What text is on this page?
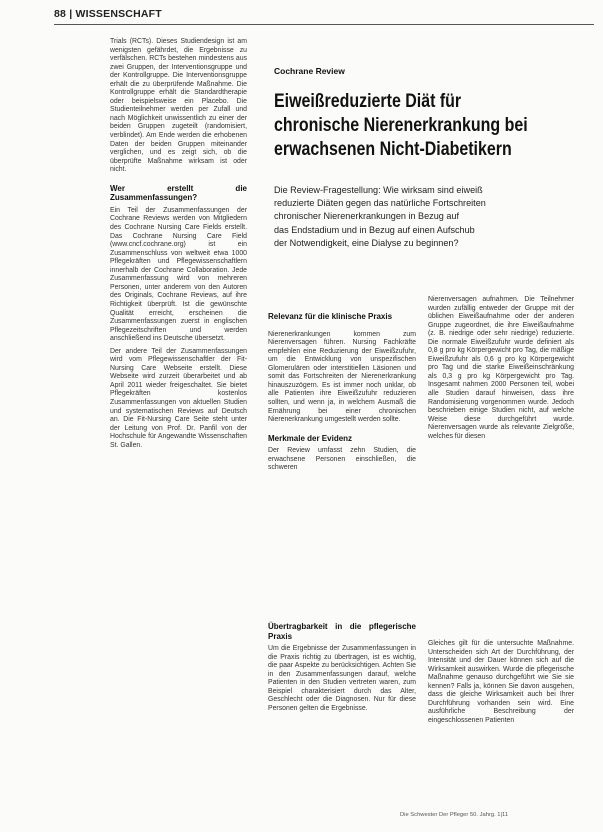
88 | WISSENSCHAFT

Trials (RCTs). Dieses Studiendesign ist am wenigsten gefährdet, die Ergebnisse zu verfälschen. RCTs bestehen mindestens aus zwei Gruppen, der Interventionsgruppe und der Kontrollgruppe. Die Interventionsgruppe erhält die zu überprüfende Maßnahme. Die Kontrollgruppe erhält die Standardtherapie oder beispielsweise ein Placebo. Die Studienteilnehmer werden per Zufall und nach Möglichkeit unwissentlich zu einer der beiden Gruppen zugeteilt (randomisiert, verblindet). Am Ende werden die erhobenen Daten der beiden Gruppen miteinander verglichen, und es zeigt sich, ob die überprüfte Maßnahme wirksam ist oder nicht.

Wer erstellt die Zusammenfassungen?

Ein Teil der Zusammenfassungen der Cochrane Reviews werden von Mitgliedern des Cochrane Nursing Care Fields erstellt. Das Cochrane Nursing Care Field (www.cncf.cochrane.org) ist ein Zusammenschluss von weltweit etwa 1000 Pflegekräften und Pflegewissenschaftlern innerhalb der Cochrane Collaboration. Jede Zusammenfassung wird von mehreren Personen, unter anderem von den Autoren des Originals, Cochrane Reviews, auf ihre Richtigkeit überprüft. Ist die gewünschte Qualität erreicht, erscheinen die Zusammenfassungen zuerst in englischen Pflegezeitschriften und werden anschließend ins Deutsche übersetzt.

Der andere Teil der Zusammenfassungen wird vom Pflegewissenschaftler der Fit-Nursing Care Webseite erstellt. Diese Webseite wird zurzeit überarbeitet und ab April 2011 wieder freigeschaltet. Sie bietet Pflegekräften kostenlos Zusammenfassungen von aktuellen Studien und systematischen Reviews auf Deutsch an. Die Fit-Nursing Care Seite steht unter der Leitung von Prof. Dr. Panfil von der Hochschule für Angewandte Wissenschaften St. Gallen.

Cochrane Review
Eiweißreduzierte Diät für
chronische Nierenerkrankung bei
erwachsenen Nicht-Diabetikern
Die Review-Fragestellung: Wie wirksam sind eiweiß
reduzierte Diäten gegen das natürliche Fortschreiten
chronischer Nierenerkrankungen in Bezug auf
das Endstadium und in Bezug auf einen Aufschub
der Notwendigkeit, eine Dialyse zu beginnen?
Relevanz für die klinische Praxis

Nierenerkrankungen kommen zum Nierenversagen führen. Nursing Fachkräfte empfehlen eine Reduzierung der Eiweißzufuhr, um die Entwicklung von unspezifischen Glomerulären oder interstitiellen Läsionen und somit das Fortschreiten der Nierenerkrankung hinauszuzögern. Es ist immer noch unklar, ob alle Patienten ihre Eiweißzufuhr reduzieren sollten, und wenn ja, in welchem Ausmaß die Ernährung bei einer chronischen Nierenerkrankung umgestellt werden sollte.

Merkmale der Evidenz

Der Review umfasst zehn Studien, die erwachsene Personen einschließen, die schweren

Nierenversagen aufnahmen. Die Teilnehmer wurden zufällig entweder der Gruppe mit der üblichen Eiweißaufnahme oder der anderen Gruppe zugeordnet, die ihre Eiweißaufnahme (z. B. niedrige oder sehr niedrige) reduzierte. Die normale Eiweißzufuhr wurde definiert als 0,8 g pro kg Körpergewicht pro Tag, die mäßige Eiweißzufuhr als 0,6 g pro kg Körpergewicht pro Tag und die starke Eiweißeinschränkung als 0,3 g pro kg Körpergewicht pro Tag. Insgesamt nahmen 2000 Personen teil, wobei alle Studien darauf hinweisen, dass ihre Randomisierung vorgenommen wurde. Jedoch beschrieben einige Studien nicht, auf welche Weise diese durchgeführt wurde. Nierenversagen wurde als relevante Zielgröße, welches für diesen

Übertragbarkeit in die pflegerische Praxis

Um die Ergebnisse der Zusammenfassungen in die Praxis richtig zu übertragen, ist es wichtig, die paar Aspekte zu berücksichtigen. Achten Sie in den Zusammenfassungen darauf, welche Patienten in den Studien vertreten waren, zum Beispiel charakterisiert durch das Alter, Geschlecht oder die Diagnosen. Nur für diese Personen gelten die Ergebnisse.

Gleiches gilt für die untersuchte Maßnahme. Unterscheiden sich Art der Durchführung, der Intensität und der Dauer können sich auf die Wirksamkeit auswirken. Wurde die pflegerische Maßnahme genauso durchgeführt wie Sie sie kennen? Falls ja, können Sie davon ausgehen, dass die gleiche Wirksamkeit auch bei Ihrer Durchführung vorhanden sein wird. Eine ausführliche Beschreibung der eingeschlossenen Patienten

Die Schwester Der Pfleger 50. Jahrg. 1|11
